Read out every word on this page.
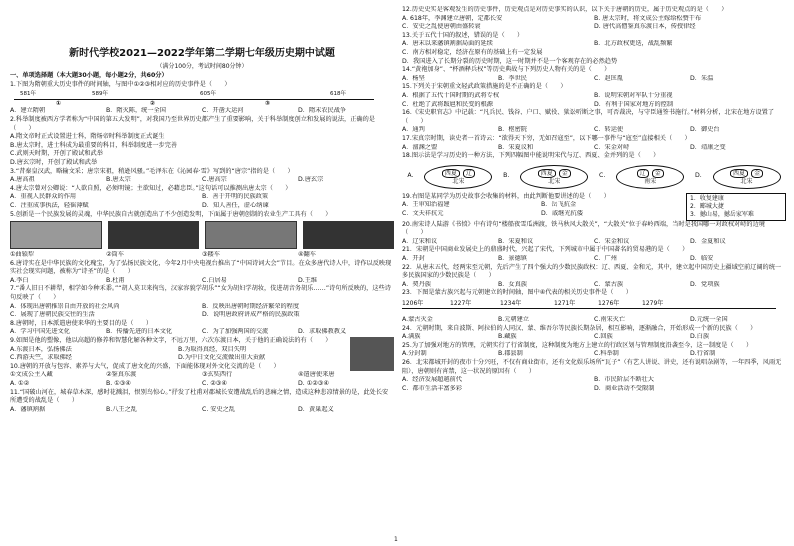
新时代学校2021—2022学年第二学期七年级历史期中试题
（满分100分，考试时间80分钟）
一、单项选择题（本大题30小题，每小题2分，共60分）
1.下图为隋朝重大历史事件的时间轴，与图中①②③相对应的历史事件是（　　）
581年	589年	605年	618年
①	②	③
A．建立隋朝	B．隋灭陈，统一全国	C．开凿大运河	D．隋末农民战争
2.科举制度被西方学者称为“中国的第五大发明”，对我国乃至世界历史都产生了重要影响，关于科举制度创立和发展的说法，正确的是（　　）
A.隋文帝时正式设置进士科，隋炀帝时科举制度正式诞生
B.唐太宗时，进士科成为最重要的科目，科举制度进一步完善
C.武则天时期，开创了殿试和武举
D.唐玄宗时，开创了殿试和武举
3.“昔秦皇汉武，略输文采；唐宗宋祖，稍逊风骚。”毛泽东在《沁园春·雪》写到的“唐宗”指的是（　　）
A.唐高祖	B.唐太宗	C.唐高宗	D.唐玄宗
4.唐太宗曾对公卿说：“人欲自照，必须明镜；主欲知过，必藉忠臣。”这句话可以推测出唐太宗（　　）
A．重视人民群众的作用	B．善于开明的民族政策
C．注重成事执法，轻徭薄赋	D．知人善任，虚心纳谏
5.创新是一个民族发展的灵魂，中华民族自古就创造出了不少创造发明，下面属于唐朝创制的农业生产工具有（　　）
①曲辕犁	②筒车	③耧车	④翻车
6.唐诗实在是中华民族的文化瑰宝，为了弘扬民族文化，今年2月中央电视台推出了“中国诗词大会”节目。在众多唐代诗人中，诗作以反映现实社会现实问题，被称为“诗圣”的是（　　）
A.李白	B.杜甫	C.白居易	D.王维
7.“番人旧日不耕犁，相学如今种禾黍。”“胡人莫卫来拘鸟，汉家容貌学胡乐”“女为胡妇学胡妆，伎进胡音务胡乐……”诗句所反映的，这些诗句反映了（　　）
A．体现出唐朝推崇自由开放的社会风尚	B．反映出唐朝时期经济繁荣的程度
C．展现了唐朝民族交往的生活	D．说明唐政府讲成严格的民族政策
8.唐朝时，日本派遣唐使来华的主要目的是（　　）
A．学习中国先进文化	B．传播先进的日本文化	C．为了加强两国的交流	D．求取佛教教义
9.如图是他的塑像，他以高超的修养和智慧化解各种文字，不远万里，六次东渡日本，关于他的正确说法的有（　　）
A.东渡日本，弘扬佛法	B.为取得真经，双目失明
C.西游天竺，求取佛经	D.为中日文化交流做出重大贡献
10.唐朝的开放与包容、素养与大气，促成了唐文化的兴盛，下面能体现对外文化交流的是（　　）
①文成公主入藏	②鉴真东渡	③玄奘西行	④遣唐使来唐
A. ①②	B. ①③④	C. ②③④	D. ①②③④
11.“国破山河在，城春草木深，感时花溅泪，恨别鸟惊心。”抒发了杜甫对郡城长安遭战乱后的悲痛之情，造成这种悲凉情景的是，此处长安所遭受的战乱是（　　）
A．藩镇割据	B.八王之乱	C. 安史之乱	D．黄巢起义
12.历史史实是客观发生的历史事件，历史观点是对历史事实的认识，以下关于唐朝的历史，属于历史观点的是（　　）
A. 618年，李渊建立唐朝，定都长安	B. 唐太宗时，将文成公主嫁给松赞干布
C．安史之乱使唐朝由盛转衰	D. 唐代高僧鉴真东渡日本，传授律经
13.关于五代十国的叙述，错误的是（　　）
A．唐末以来藩镇割据局面的延续	B．北方政权更迭，战乱频繁
C．南方相对稳定，经济在原有的基础上有一定发展
D．我国进入了长期分裂的历史时期，这一时期并不是一个客观存在的必然趋势
14.“黄袍加身”、“杯酒释兵权”等历史典故与下列历史人物有关的是（　　）
A．杨坚	B．李世民	C．赵匡胤	D．朱温
15.下列关于宋朝重文轻武政策措施的是不正确的是（　　）
A．根据了五代十国时期的武将专权	B．说明宋朝对军队十分重视
C．杜绝了武将跋扈和民变的根源	D．有利于国家对地方的控制
16.《宋史职官志》中记载：“凡兵民、钱谷、户口、赋役、狱讼听断之事，可否裁决，与守臣通签书施行。”材料分析，北宋在地方设置了（　　）
A．通判	B．枢密院	C．转运使	D．御史台
17.宋真宗时期，读史者一首诗云：“欲得天下穷，无如召寇至”，以下哪一事件与“寇至”直接相关（　　）
A．澶渊之盟	B．宋夏议和	C．宋金对峙	D．靖康之变
18.图示法是学习历史的一种方法，下列四幅图中能说明宋代与辽、西夏、金并列的是（　　）
A.	西夏	辽
北宋
B.	西夏	金
北宋
C.	辽	金
南宋
D.	西夏	金
北宋
19.右图是某同学为历史故事会收集的材料，由此判断他要讲述的是（　　）
A．王审知治福建	B．岳飞抗金
C．文天祥抗元	D．戚继光抗倭
1．收复建康
2．郾城大捷
3．撼山易，撼岳家军难
20.南宋诗人陆游《书愤》中有诗句“楼船夜雪瓜洲渡，铁马秋风大散关”，“大散关”位于春岭西端，当时是我国哪一对政权对峙的边境（　　）
A．辽宋和议	B．宋夏和议	C．宋金和议	D．金夏和议
21．宋朝是中国商业发展史上的鼎盛时代，兴起了宋代，下列城市中属于中国著名的贸易港的是（　　）
A．开封	B．景德镇	C．广州	D．临安
22．从唐末五代，经两宋至元朝，先后产生了四个强大的少数民族政权：辽、西夏、金和元，其中，建立起中国历史上疆域空前辽阔的统一多民族国家的少数民族是（　　）
A．契丹族	B．女真族	C．蒙古族	D．党项族
23．下图是蒙古族兴起与元朝建立的时间轴，图中④代表的相关历史事件是（　　）
1206年	1227年	1234年	1271年	1276年	1279年
A.蒙古灭金	B.元朝建立	C.南宋灭亡	D.元统一全国
24．元朝时期，来自波斯、阿拉伯的人同汉、蒙、维吾尔等民族长期杂居，相互影响，逐渐融合，开始形成一个新的民族（　　）
A.满族	B.藏族	C.回族	D.白族
25.为了加强对地方的管理，元朝实行了行省制度，这种制度为地方上建立的行政区划与管理制度沿袭至今，这一制度是（　　）
A.分封制	B.郡县制	C.科举制	D.行省制
26．北宋都城开封的夜市十分兴旺，不仅有商业街市，还有文化娱乐场所“瓦子”（有艺人讲说、讲史，还有说唱杂剧等，一年四季，风雨无阻），唐朝则有宵禁，这一状况的原因有（　　）
A．经济发展超越前代	B．市民阶层不断壮大
C．都市生活丰富多彩	D．商业活动不受限制
1
